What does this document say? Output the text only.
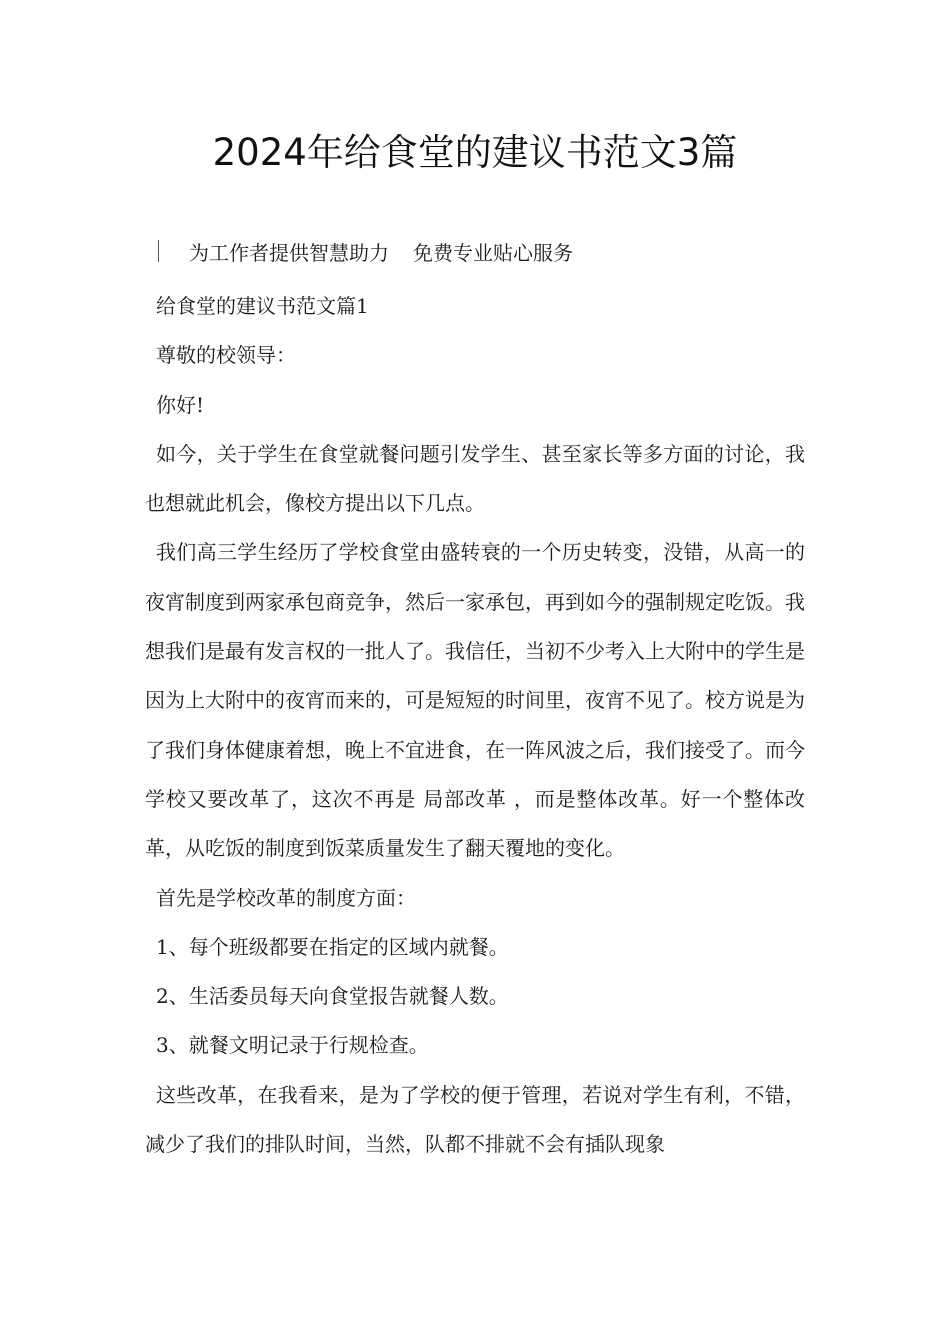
2024年给食堂的建议书范文3篇
为工作者提供智慧助力 免费专业贴心服务

给食堂的建议书范文篇1

尊敬的校领导：

你好!

如今，关于学生在食堂就餐问题引发学生、甚至家长等多方面的讨论，我也想就此机会，像校方提出以下几点。

我们高三学生经历了学校食堂由盛转衰的一个历史转变，没错，从高一的夜宵制度到两家承包商竞争，然后一家承包，再到如今的强制规定吃饭。我想我们是最有发言权的一批人了。我信任，当初不少考入上大附中的学生是因为上大附中的夜宵而来的，可是短短的时间里，夜宵不见了。校方说是为了我们身体健康着想，晚上不宜进食，在一阵风波之后，我们接受了。而今学校又要改革了，这次不再是 局部改革 ，而是整体改革。好一个整体改革，从吃饭的制度到饭菜质量发生了翻天覆地的变化。

首先是学校改革的制度方面：

1、每个班级都要在指定的区域内就餐。

2、生活委员每天向食堂报告就餐人数。

3、就餐文明记录于行规检查。

这些改革，在我看来，是为了学校的便于管理，若说对学生有利，不错，减少了我们的排队时间，当然，队都不排就不会有插队现象
